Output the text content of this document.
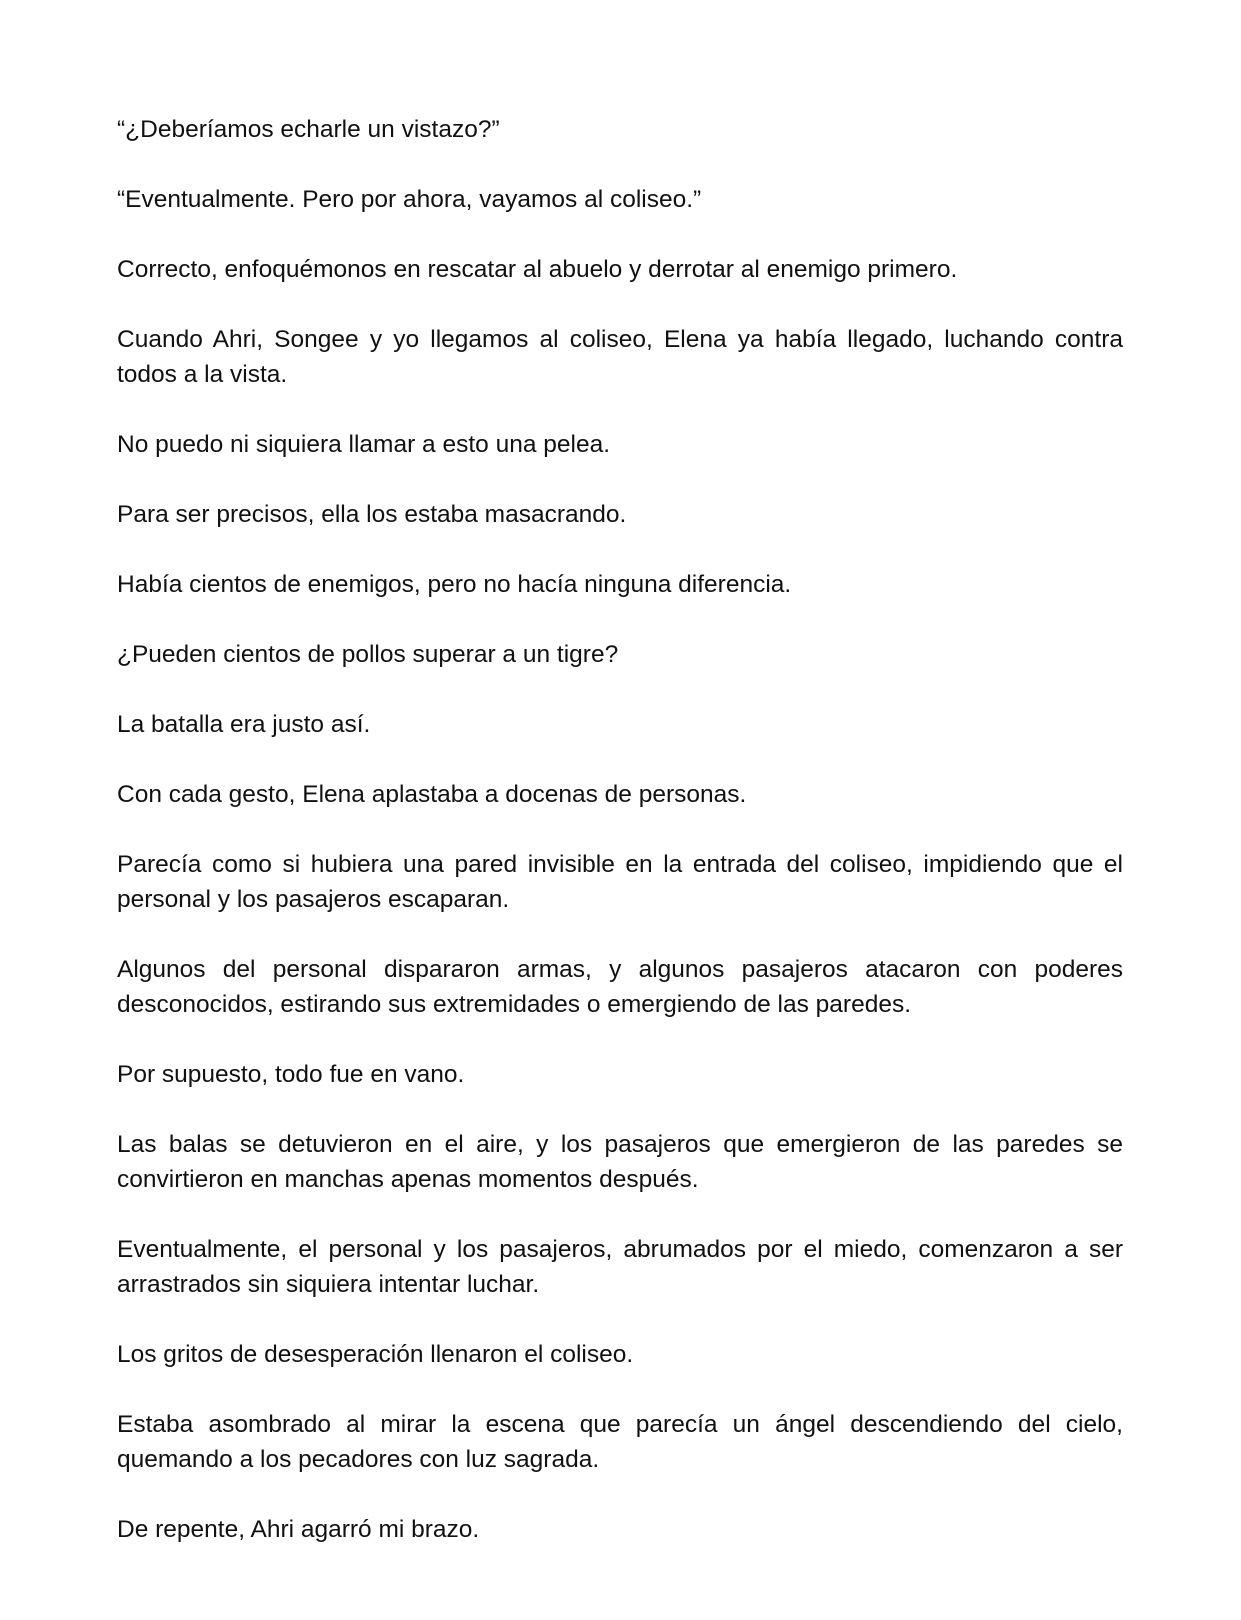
“¿Deberíamos echarle un vistazo?”

“Eventualmente. Pero por ahora, vayamos al coliseo.”

Correcto, enfoquémonos en rescatar al abuelo y derrotar al enemigo primero.

Cuando Ahri, Songee y yo llegamos al coliseo, Elena ya había llegado, luchando contra todos a la vista.

No puedo ni siquiera llamar a esto una pelea.

Para ser precisos, ella los estaba masacrando.

Había cientos de enemigos, pero no hacía ninguna diferencia.

¿Pueden cientos de pollos superar a un tigre?

La batalla era justo así.

Con cada gesto, Elena aplastaba a docenas de personas.

Parecía como si hubiera una pared invisible en la entrada del coliseo, impidiendo que el personal y los pasajeros escaparan.

Algunos del personal dispararon armas, y algunos pasajeros atacaron con poderes desconocidos, estirando sus extremidades o emergiendo de las paredes.

Por supuesto, todo fue en vano.

Las balas se detuvieron en el aire, y los pasajeros que emergieron de las paredes se convirtieron en manchas apenas momentos después.

Eventualmente, el personal y los pasajeros, abrumados por el miedo, comenzaron a ser arrastrados sin siquiera intentar luchar.

Los gritos de desesperación llenaron el coliseo.

Estaba asombrado al mirar la escena que parecía un ángel descendiendo del cielo, quemando a los pecadores con luz sagrada.

De repente, Ahri agarró mi brazo.
